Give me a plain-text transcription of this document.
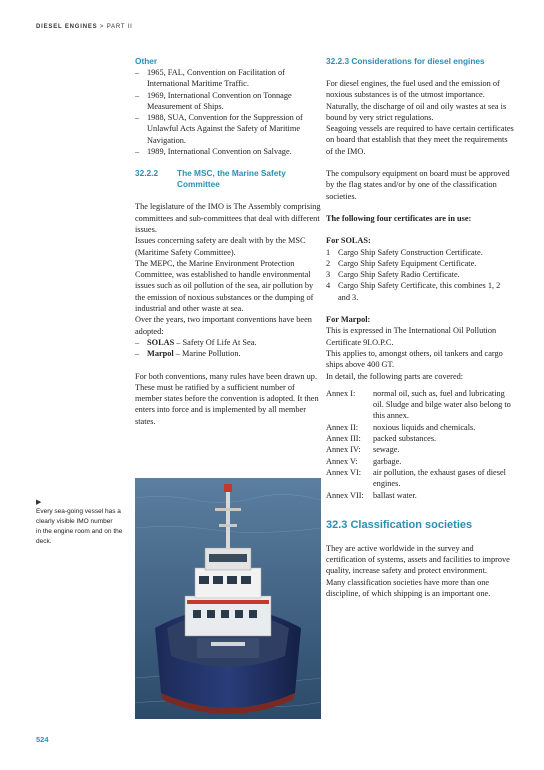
DIESEL ENGINES > PART II
Other
– 1965, FAL, Convention on Facilitation of International Maritime Traffic.
– 1969, International Convention on Tonnage Measurement of Ships.
– 1988, SUA, Convention for the Suppression of Unlawful Acts Against the Safety of Maritime Navigation.
– 1989, International Convention on Salvage.
32.2.2	The MSC, the Marine Safety Committee

The legislature of the IMO is The Assembly comprising committees and sub-committees that deal with different issues.

Issues concerning safety are dealt with by the MSC (Maritime Safety Committee).

The MEPC, the Marine Environment Protection Committee, was established to handle environmental issues such as oil pollution of the sea, air pollution by the emission of noxious substances or the dumping of industrial and other waste at sea.

Over the years, two important conventions have been adopted:

– SOLAS – Safety Of Life At Sea.
– Marpol – Marine Pollution.

For both conventions, many rules have been drawn up. These must be ratified by a sufficient number of member states before the convention is adopted. It then enters into force and is implemented by all member states.

▶
Every sea-going vessel has a clearly visible IMO number
in the engine room and on the deck.
32.2.3 Considerations for diesel engines

For diesel engines, the fuel used and the emission of noxious substances is of the utmost importance. Naturally, the discharge of oil and oily wastes at sea is bound by very strict regulations.

Seagoing vessels are required to have certain certificates on board that establish that they meet the requirements of the IMO.

The compulsory equipment on board must be approved by the flag states and/or by one of the classification societies.

The following four certificates are in use:

For SOLAS:

1 Cargo Ship Safety Construction Certificate.
2 Cargo Ship Safety Equipment Certificate.
3 Cargo Ship Safety Radio Certificate.
4 Cargo Ship Safety Certificate, this combines 1, 2 and 3.

For Marpol:

This is expressed in The International Oil Pollution Certificate 9I.O.P.C.

This applies to, amongst others, oil tankers and cargo ships above 400 GT.

In detail, the following parts are covered:

Annex I:	normal oil, such as, fuel and lubricating oil. Sludge and bilge water also belong to this annex.
Annex II:	noxious liquids and chemicals.
Annex III:	packed substances.
Annex IV:	sewage.
Annex V:	garbage.
Annex VI:	air pollution, the exhaust gases of diesel engines.
Annex VII:	ballast water.
32.3 Classification societies

They are active worldwide in the survey and certification of systems, assets and facilities to improve quality, increase safety and protect environment.

Many classification societies have more than one discipline, of which shipping is an important one.

524
